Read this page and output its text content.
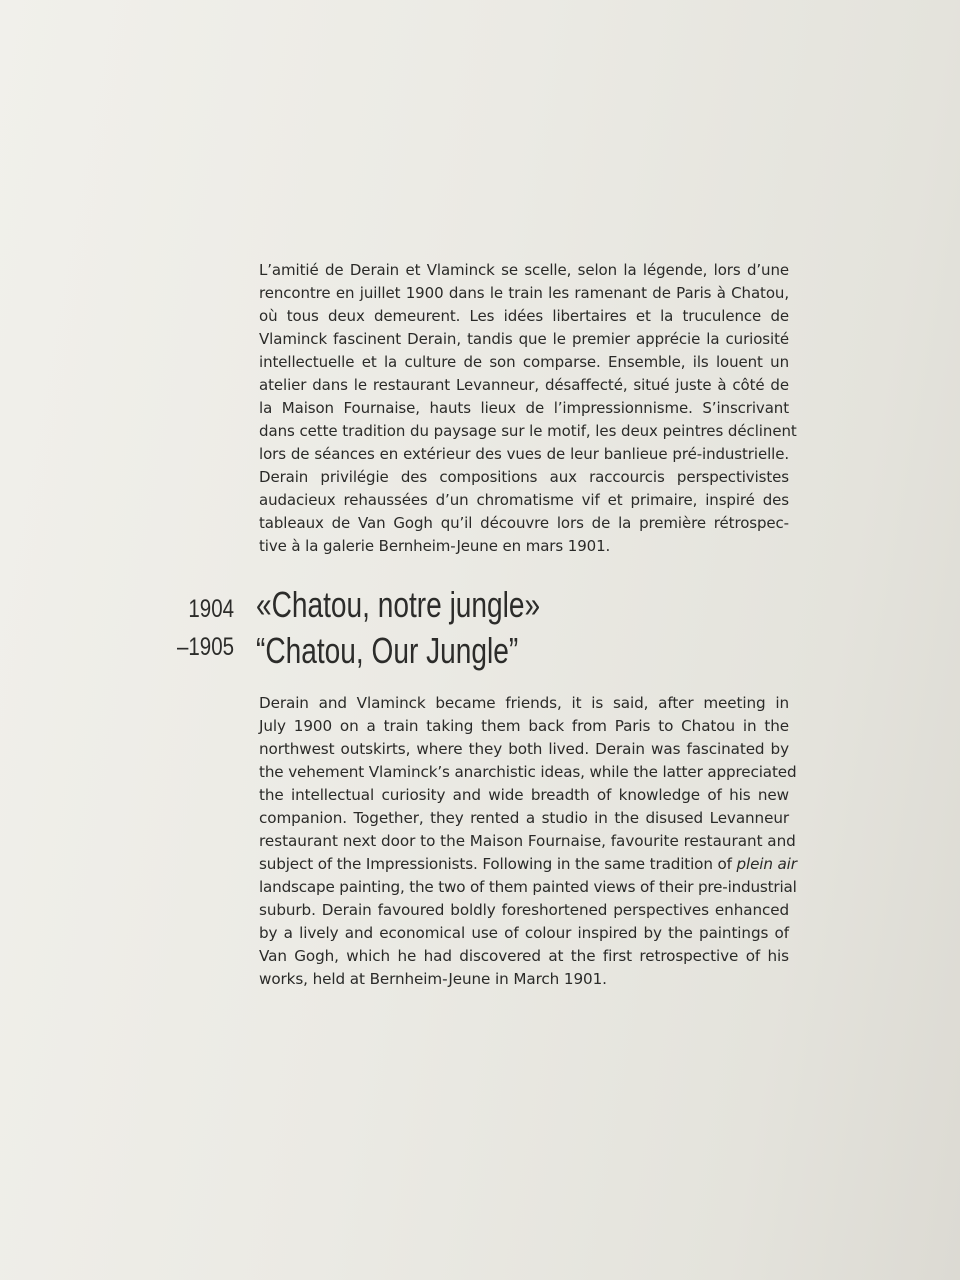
L’amitié de Derain et Vlaminck se scelle, selon la légende, lors d’une
rencontre en juillet 1900 dans le train les ramenant de Paris à Chatou,
où tous deux demeurent. Les idées libertaires et la truculence de
Vlaminck fascinent Derain, tandis que le premier apprécie la curiosité
intellectuelle et la culture de son comparse. Ensemble, ils louent un
atelier dans le restaurant Levanneur, désaffecté, situé juste à côté de
la Maison Fournaise, hauts lieux de l’impressionnisme. S’inscrivant
dans cette tradition du paysage sur le motif, les deux peintres déclinent
lors de séances en extérieur des vues de leur banlieue pré-industrielle.
Derain privilégie des compositions aux raccourcis perspectivistes
audacieux rehaussées d’un chromatisme vif et primaire, inspiré des
tableaux de Van Gogh qu’il découvre lors de la première rétrospec-
tive à la galerie Bernheim-Jeune en mars 1901.
1904
–1905
«Chatou, notre jungle»
“Chatou, Our Jungle”
Derain and Vlaminck became friends, it is said, after meeting in
July 1900 on a train taking them back from Paris to Chatou in the
northwest outskirts, where they both lived. Derain was fascinated by
the vehement Vlaminck’s anarchistic ideas, while the latter appreciated
the intellectual curiosity and wide breadth of knowledge of his new
companion. Together, they rented a studio in the disused Levanneur
restaurant next door to the Maison Fournaise, favourite restaurant and
subject of the Impressionists. Following in the same tradition of plein air
landscape painting, the two of them painted views of their pre-industrial
suburb. Derain favoured boldly foreshortened perspectives enhanced
by a lively and economical use of colour inspired by the paintings of
Van Gogh, which he had discovered at the first retrospective of his
works, held at Bernheim-Jeune in March 1901.
